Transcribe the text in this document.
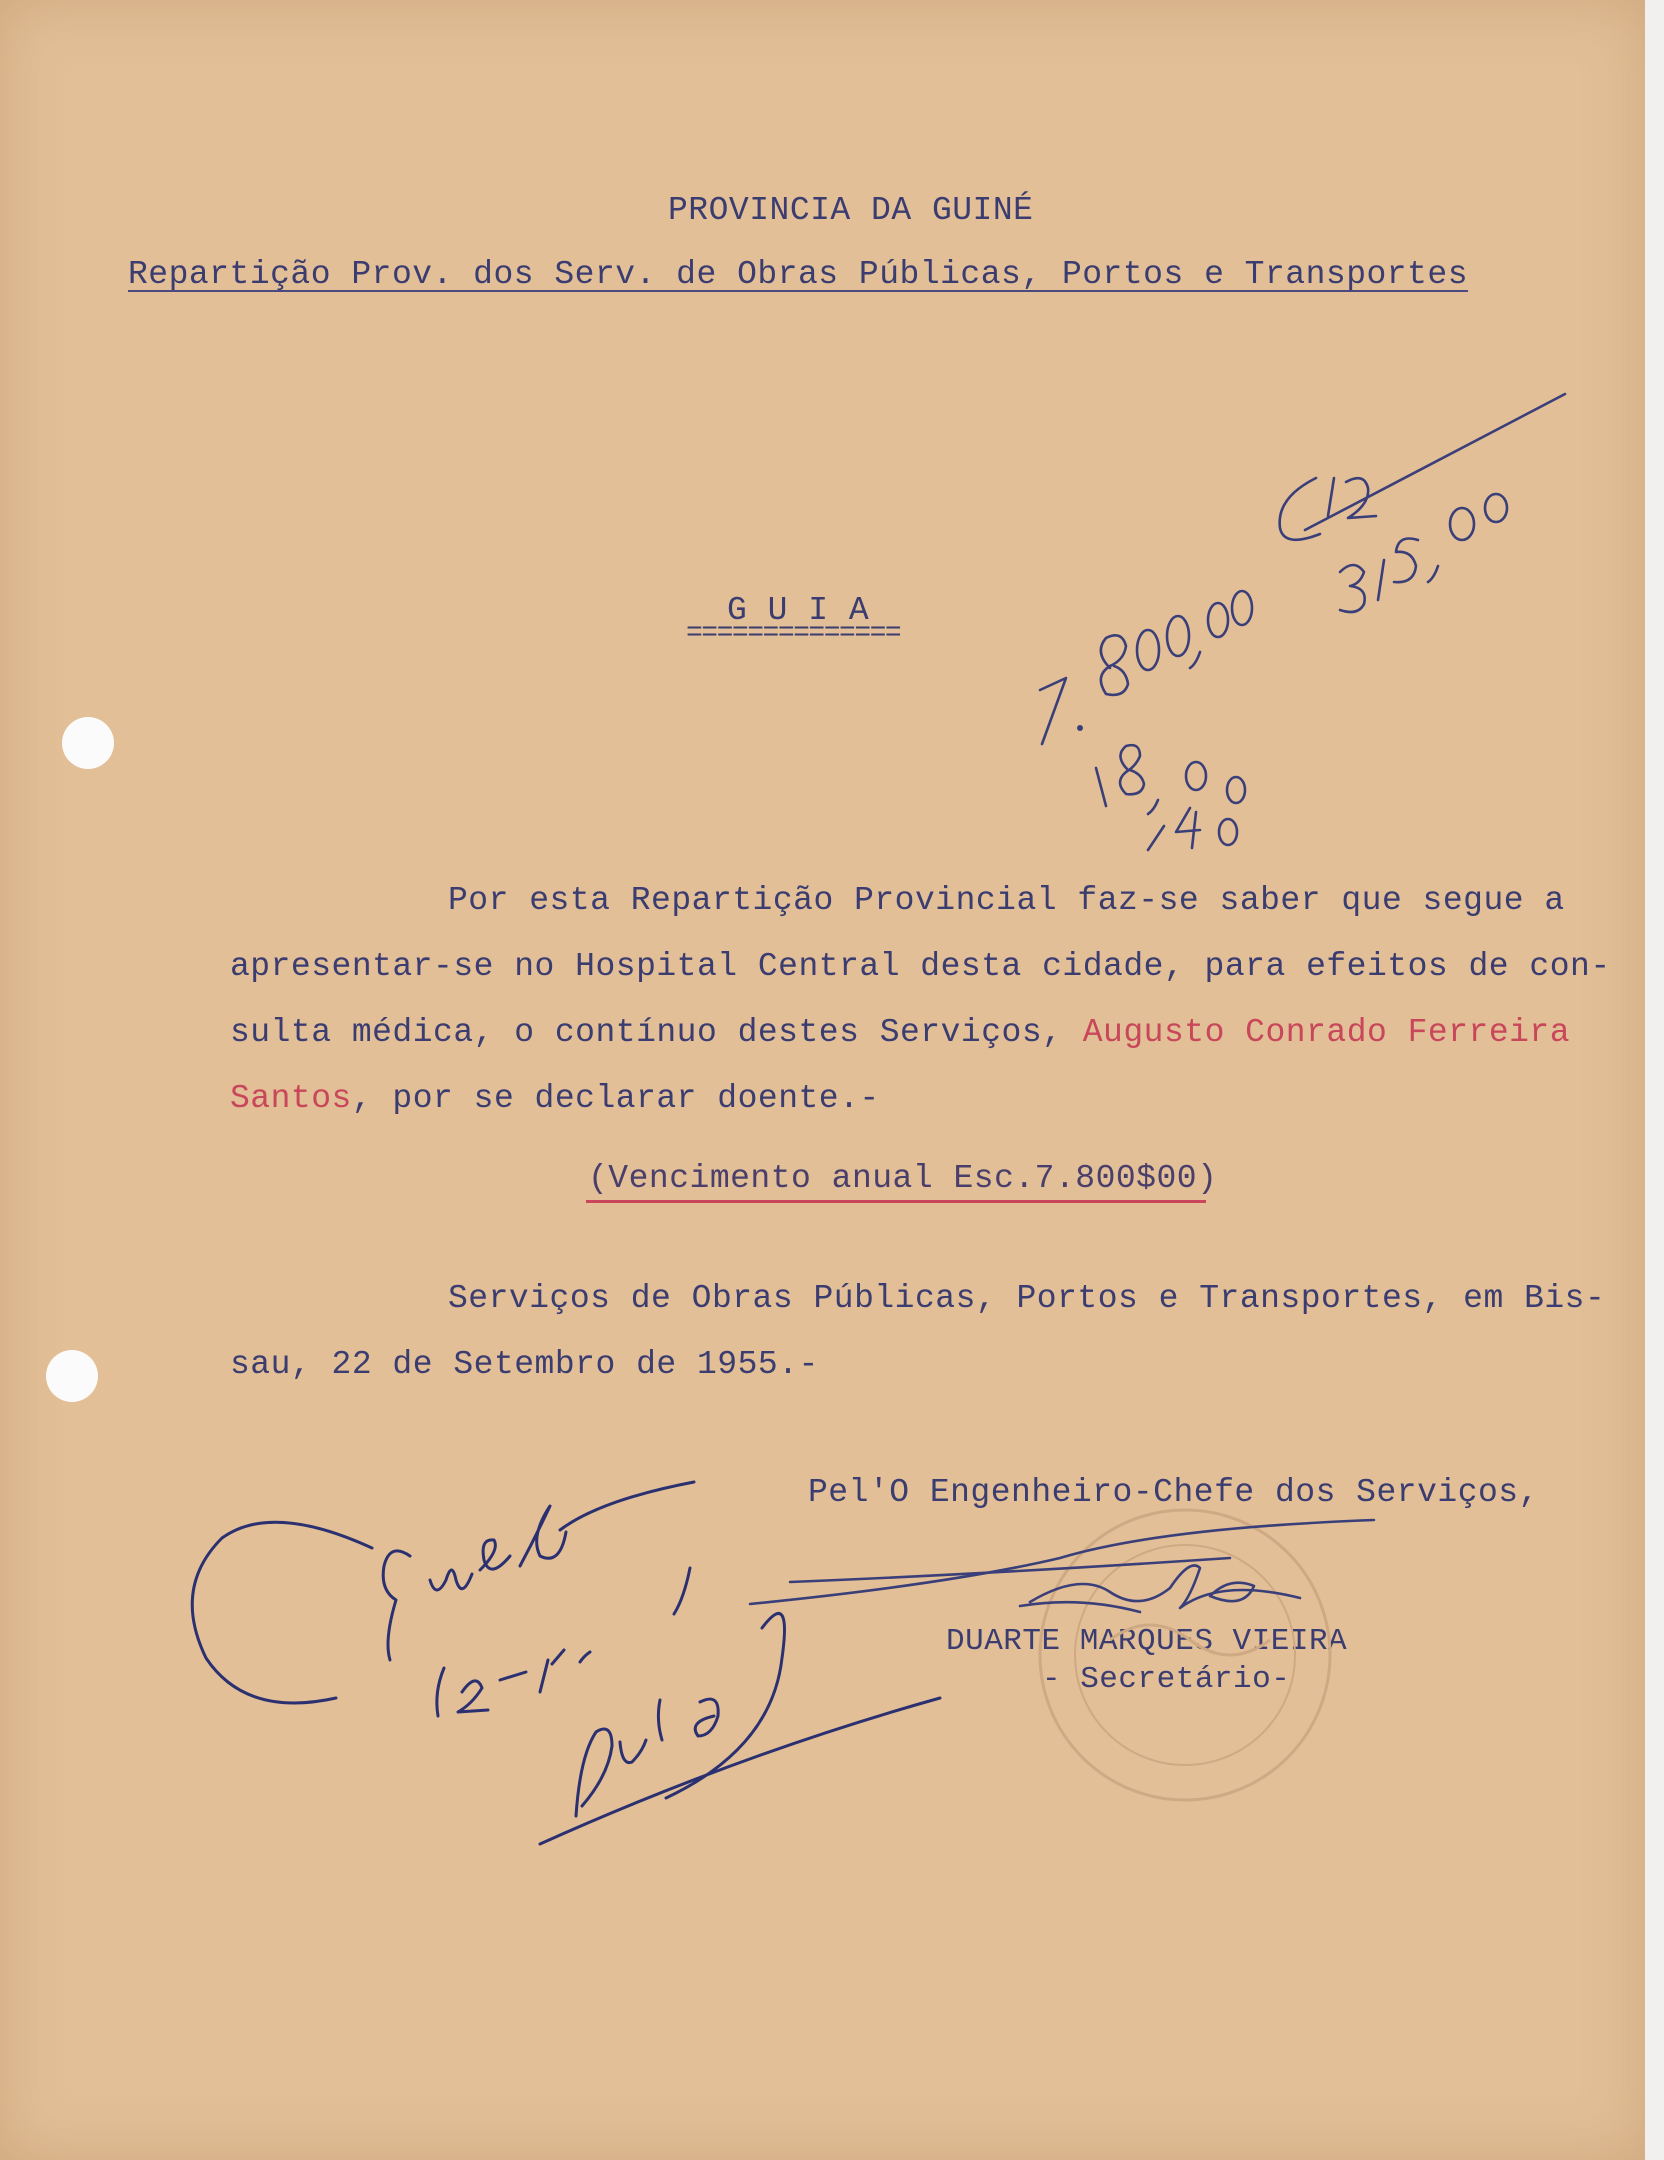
PROVINCIA DA GUINÉ
Repartição Prov. dos Serv. de Obras Públicas, Portos e Transportes
G U I A
==============
Por esta Repartição Provincial faz-se saber que segue a
apresentar-se no Hospital Central desta cidade, para efeitos de con-
sulta médica, o contínuo destes Serviços, Augusto Conrado Ferreira
Santos, por se declarar doente.-
(Vencimento anual Esc.7.800$00)
Serviços de Obras Públicas, Portos e Transportes, em Bis-
sau, 22 de Setembro de 1955.-
Pel'O Engenheiro-Chefe dos Serviços,
DUARTE MARQUES VIEIRA
- Secretário-
